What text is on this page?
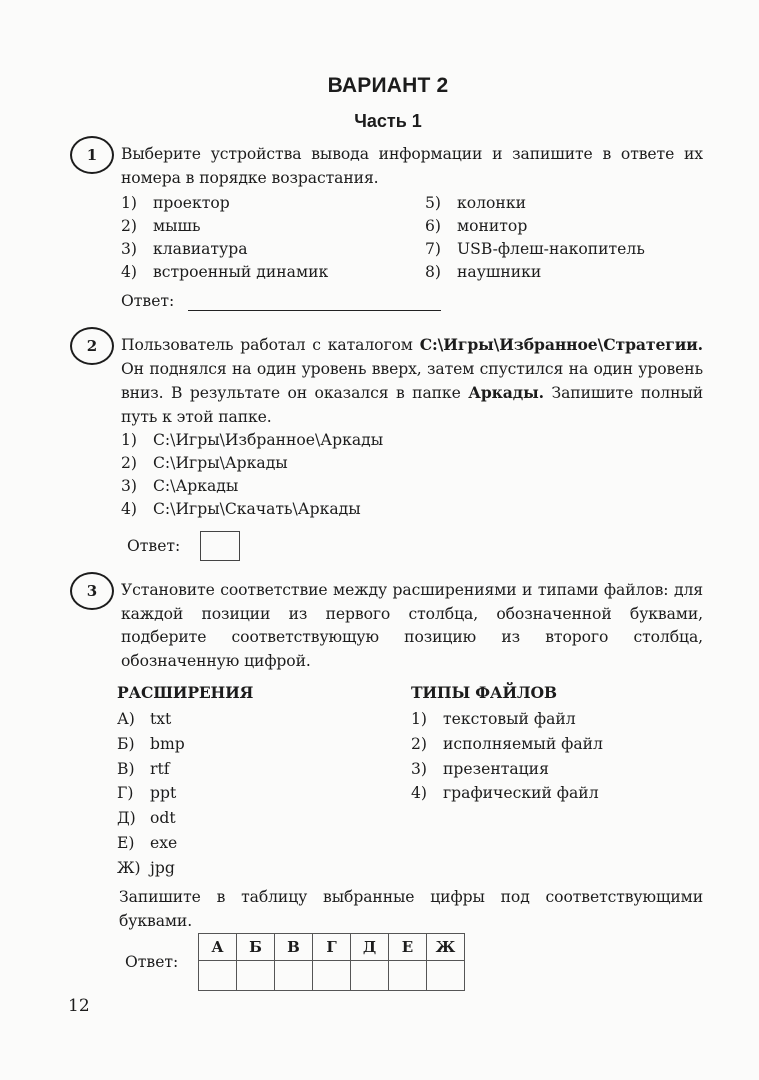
ВАРИАНТ 2
Часть 1
1 Выберите устройства вывода информации и запишите в ответе их номера в порядке возрастания.
1) проектор
2) мышь
3) клавиатура
4) встроенный динамик
5) колонки
6) монитор
7) USB-флеш-накопитель
8) наушники
Ответ:
2 Пользователь работал с каталогом C:\Игры\Избранное\Стратегии. Он поднялся на один уровень вверх, затем спустился на один уровень вниз. В результате он оказался в папке Аркады. Запишите полный путь к этой папке.
1) C:\Игры\Избранное\Аркады
2) C:\Игры\Аркады
3) C:\Аркады
4) C:\Игры\Скачать\Аркады
Ответ:
3 Установите соответствие между расширениями и типами файлов: для каждой позиции из первого столбца, обозначенной буквами, подберите соответствующую позицию из второго столбца, обозначенную цифрой.
РАСШИРЕНИЯ	ТИПЫ ФАЙЛОВ
А) txt
Б) bmp
В) rtf
Г) ppt
Д) odt
Е) exe
Ж) jpg
1) текстовый файл
2) исполняемый файл
3) презентация
4) графический файл
Запишите в таблицу выбранные цифры под соответствующими буквами.
Ответ:
А	Б	В	Г	Д	Е	Ж

12
